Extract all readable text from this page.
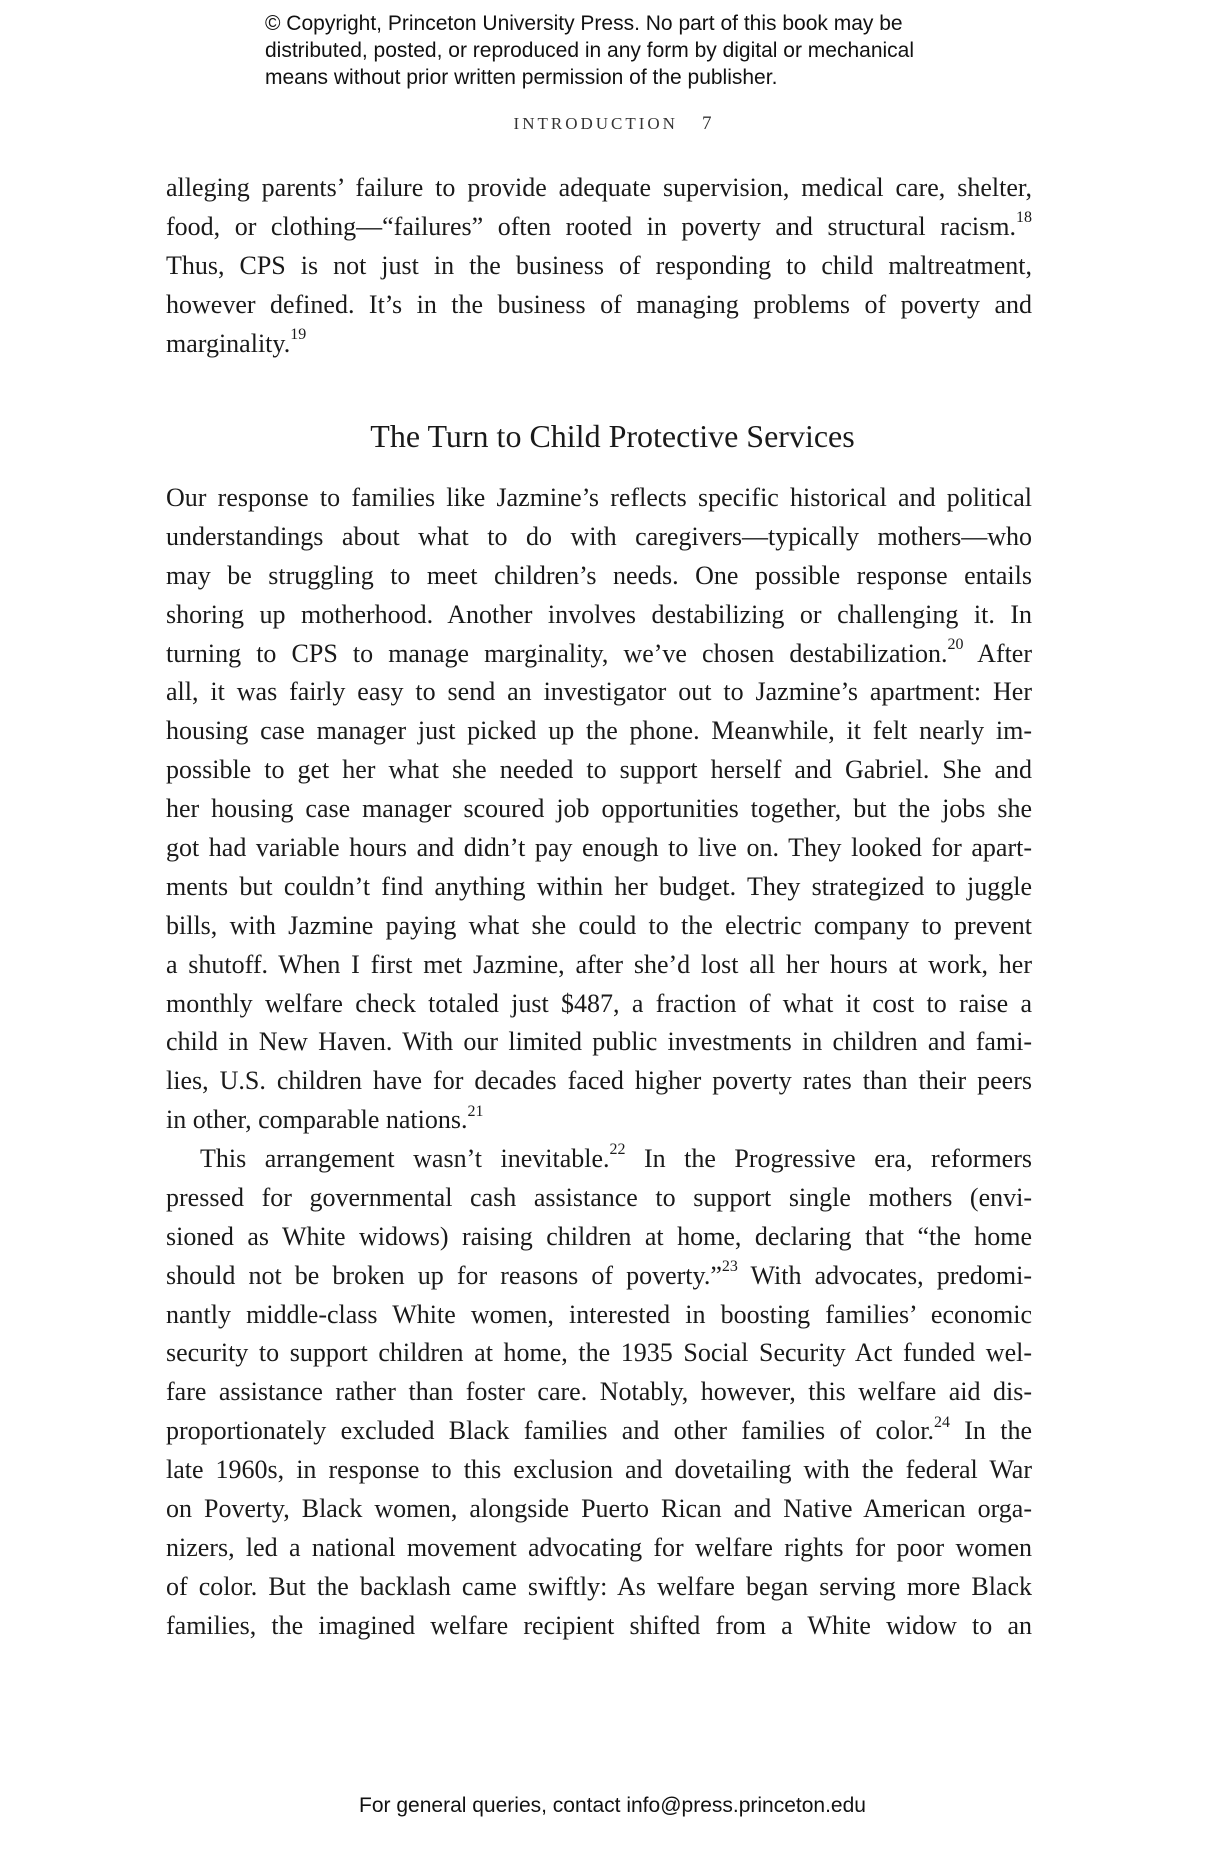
© Copyright, Princeton University Press. No part of this book may be
distributed, posted, or reproduced in any form by digital or mechanical
means without prior written permission of the publisher.
INTRODUCTION 7
alleging parents’ failure to provide adequate supervision, medical care, shelter,
food, or clothing—“failures” often rooted in poverty and structural racism.$^{18}$
Thus, CPS is not just in the business of responding to child maltreatment,
however defined. It’s in the business of managing problems of poverty and
marginality.$^{19}$
The Turn to Child Protective Services
Our response to families like Jazmine’s reflects specific historical and political
understandings about what to do with caregivers—typically mothers—who
may be struggling to meet children’s needs. One possible response entails
shoring up motherhood. Another involves destabilizing or challenging it. In
turning to CPS to manage marginality, we’ve chosen destabilization.$^{20}$ After
all, it was fairly easy to send an investigator out to Jazmine’s apartment: Her
housing case manager just picked up the phone. Meanwhile, it felt nearly im-
possible to get her what she needed to support herself and Gabriel. She and
her housing case manager scoured job opportunities together, but the jobs she
got had variable hours and didn’t pay enough to live on. They looked for apart-
ments but couldn’t find anything within her budget. They strategized to juggle
bills, with Jazmine paying what she could to the electric company to prevent
a shutoff. When I first met Jazmine, after she’d lost all her hours at work, her
monthly welfare check totaled just $487, a fraction of what it cost to raise a
child in New Haven. With our limited public investments in children and fami-
lies, U.S. children have for decades faced higher poverty rates than their peers
in other, comparable nations.$^{21}$
This arrangement wasn’t inevitable.$^{22}$ In the Progressive era, reformers
pressed for governmental cash assistance to support single mothers (envi-
sioned as White widows) raising children at home, declaring that “the home
should not be broken up for reasons of poverty.”$^{23}$ With advocates, predomi-
nantly middle-class White women, interested in boosting families’ economic
security to support children at home, the 1935 Social Security Act funded wel-
fare assistance rather than foster care. Notably, however, this welfare aid dis-
proportionately excluded Black families and other families of color.$^{24}$ In the
late 1960s, in response to this exclusion and dovetailing with the federal War
on Poverty, Black women, alongside Puerto Rican and Native American orga-
nizers, led a national movement advocating for welfare rights for poor women
of color. But the backlash came swiftly: As welfare began serving more Black
families, the imagined welfare recipient shifted from a White widow to an
For general queries, contact info@press.princeton.edu
